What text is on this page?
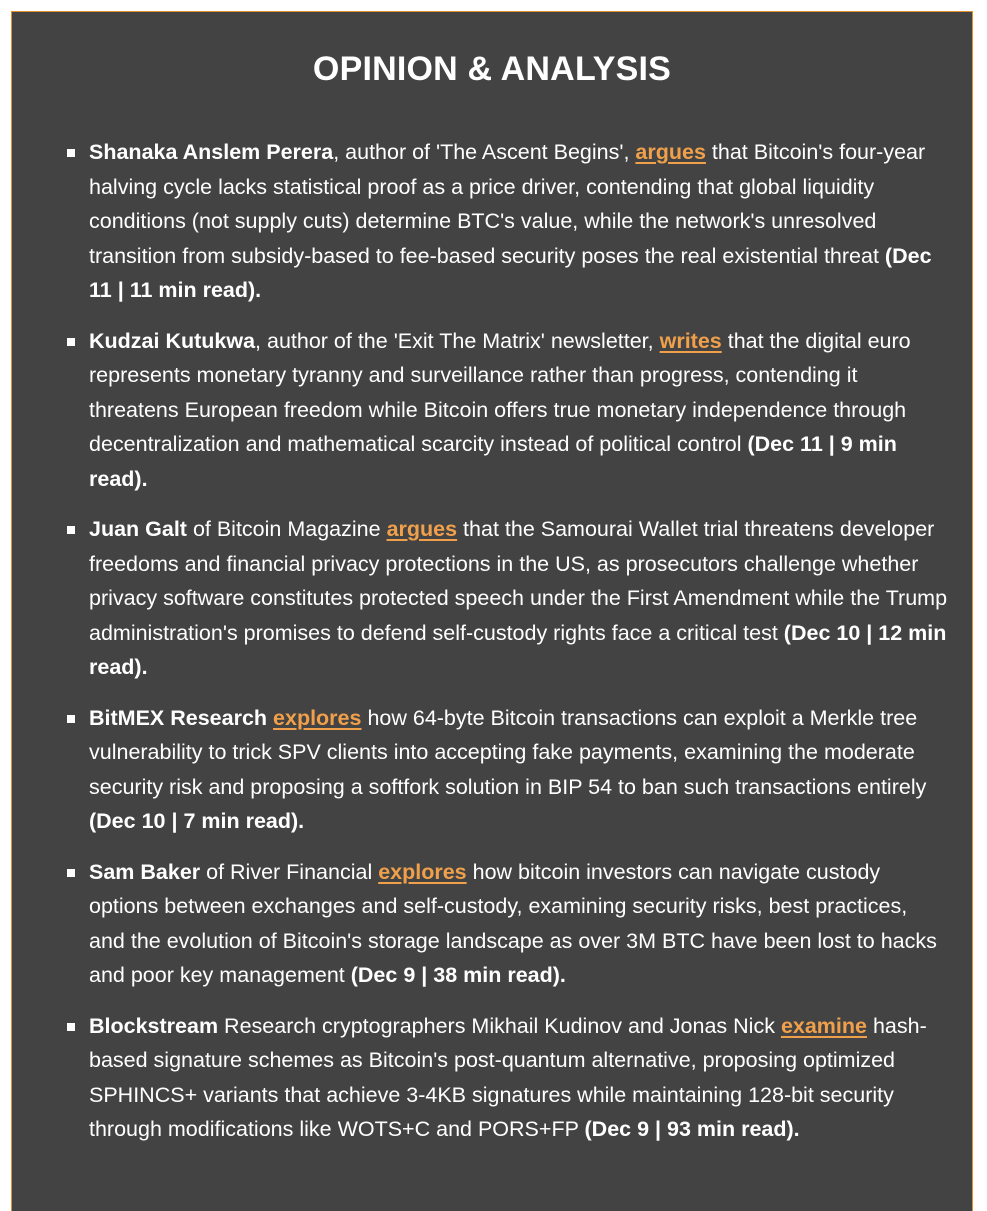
OPINION & ANALYSIS
Shanaka Anslem Perera, author of 'The Ascent Begins', argues that Bitcoin's four-year halving cycle lacks statistical proof as a price driver, contending that global liquidity conditions (not supply cuts) determine BTC's value, while the network's unresolved transition from subsidy-based to fee-based security poses the real existential threat (Dec 11 | 11 min read).
Kudzai Kutukwa, author of the 'Exit The Matrix' newsletter, writes that the digital euro represents monetary tyranny and surveillance rather than progress, contending it threatens European freedom while Bitcoin offers true monetary independence through decentralization and mathematical scarcity instead of political control (Dec 11 | 9 min read).
Juan Galt of Bitcoin Magazine argues that the Samourai Wallet trial threatens developer freedoms and financial privacy protections in the US, as prosecutors challenge whether privacy software constitutes protected speech under the First Amendment while the Trump administration's promises to defend self-custody rights face a critical test (Dec 10 | 12 min read).
BitMEX Research explores how 64-byte Bitcoin transactions can exploit a Merkle tree vulnerability to trick SPV clients into accepting fake payments, examining the moderate security risk and proposing a softfork solution in BIP 54 to ban such transactions entirely (Dec 10 | 7 min read).
Sam Baker of River Financial explores how bitcoin investors can navigate custody options between exchanges and self-custody, examining security risks, best practices, and the evolution of Bitcoin's storage landscape as over 3M BTC have been lost to hacks and poor key management (Dec 9 | 38 min read).
Blockstream Research cryptographers Mikhail Kudinov and Jonas Nick examine hash-based signature schemes as Bitcoin's post-quantum alternative, proposing optimized SPHINCS+ variants that achieve 3-4KB signatures while maintaining 128-bit security through modifications like WOTS+C and PORS+FP (Dec 9 | 93 min read).
